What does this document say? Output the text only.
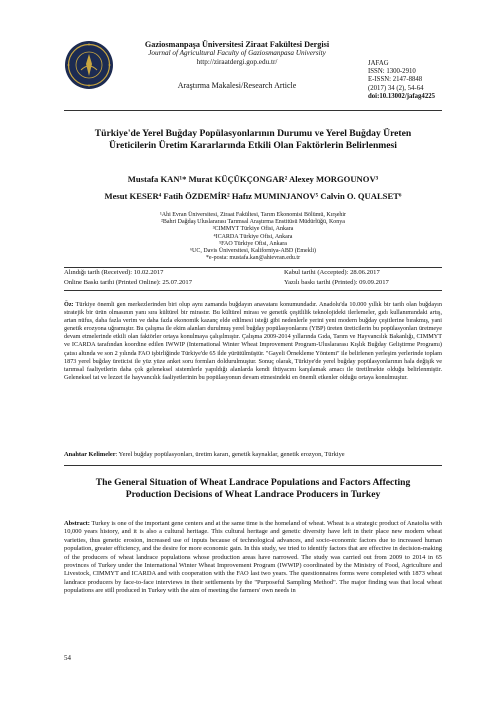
Gaziosmanpaşa Üniversitesi Ziraat Fakültesi Dergisi
Journal of Agricultural Faculty of Gaziosmanpasa University
http://ziraatdergi.gop.edu.tr/
Araştırma Makalesi/Research Article
JAFAG
ISSN: 1300-2910
E-ISSN: 2147-8848
(2017) 34 (2), 54-64
doi:10.13002/jafag4225
Türkiye'de Yerel Buğday Popülasyonlarının Durumu ve Yerel Buğday Üreten
Üreticilerin Üretim Kararlarında Etkili Olan Faktörlerin Belirlenmesi
Mustafa KAN¹* Murat KÜÇÜKÇONGAR² Alexey MORGOUNOV³
Mesut KESER⁴ Fatih ÖZDEMİR² Hafız MUMINJANOV⁵ Calvin O. QUALSET⁶
¹Ahi Evran Üniversitesi, Ziraat Fakültesi, Tarım Ekonomisi Bölümü, Kırşehir
²Bahri Dağdaş Uluslararası Tarımsal Araştırma Enstitüsü Müdürlüğü, Konya
³CIMMYT Türkiye Ofisi, Ankara
⁴ICARDA Türkiye Ofisi, Ankara
⁵FAO Türkiye Ofisi, Ankara
⁶UC, Davis Üniversitesi, Kaliforniya-ABD (Emekli)
*e-posta: mustafa.kan@ahievran.edu.tr
Alındığı tarih (Received): 10.02.2017	Kabul tarihi (Accepted): 28.06.2017
Online Baskı tarihi (Printed Online): 25.07.2017	Yazılı baskı tarihi (Printed): 09.09.2017
Öz: Türkiye önemli gen merkezlerinden biri olup aynı zamanda buğdayın anavatanı konumundadır. Anadolu'da 10.000 yıllık bir tarih olan buğdayın stratejik bir ürün olmasının yanı sıra kültürel bir mirastır. Bu kültürel mirası ve genetik çeşitlilik teknolojideki ilerlemeler, gıdı kullanımındaki artış, artan nüfus, daha fazla verim ve daha fazla ekonomik kazanç elde edilmesi isteği gibi nedenlerle yerini yeni modern buğday çeşitlerine bırakmış, yani genetik erozyona uğramıştır. Bu çalışma ile ekim alanları durulmuş yerel buğday popülasyonlarını (YBP) üreten üreticilerin bu popülasyonları üretmeye devam etmelerinde etkili olan faktörler ortaya konulmaya çalışılmıştır. Çalışma 2009-2014 yıllarında Gıda, Tarım ve Hayvancılık Bakanlığı, CIMMYT ve ICARDA tarafından koordine edilen IWWIP (International Winter Wheat Improvement Program-Uluslararası Kışlık Buğday Geliştirme Programı) çatısı altında ve son 2 yılında FAO işbirliğinde Türkiye'de 65 ilde yürütülmüştür. "Gayeli Örnekleme Yöntemi" ile belirlenen yerleşim yerlerinde toplam 1873 yerel buğday üreticisi ile yüz yüze anket soru formları doldurulmuştur. Sonuç olarak, Türkiye'de yerel buğday popülasyonlarının hala değişik ve tarımsal faaliyetlerin daha çok geleneksel sistemlerle yapıldığı alanlarda kendi ihtiyacını karşılamak amacı ile üretilmekte olduğu belirlenmiştir. Geleneksel tat ve lezzet ile hayvancılık faaliyetlerinin bu popülasyonun devam etmesindeki en önemli etkenler olduğu ortaya konulmuştur.
Anahtar Kelimeler: Yerel buğday popülasyonları, üretim kararı, genetik kaynaklar, genetik erozyon, Türkiye
The General Situation of Wheat Landrace Populations and Factors Affecting
Production Decisions of Wheat Landrace Producers in Turkey
Abstract: Turkey is one of the important gene centers and at the same time is the homeland of wheat. Wheat is a strategic product of Anatolia with 10,000 years history, and it is also a cultural heritage. This cultural heritage and genetic diversity have left in their place new modern wheat varieties, thus genetic erosion, increased use of inputs because of technological advances, and socio-economic factors due to increased human population, greater efficiency, and the desire for more economic gain. In this study, we tried to identify factors that are effective in decision-making of the producers of wheat landrace populations whose production areas have narrowed. The study was carried out from 2009 to 2014 in 65 provinces of Turkey under the International Winter Wheat Improvement Program (IWWIP) coordinated by the Ministry of Food, Agriculture and Livestock, CIMMYT and ICARDA and with cooperation with the FAO last two years. The questionnaires forms were completed with 1873 wheat landrace producers by face-to-face interviews in their settlements by the "Purposeful Sampling Method". The major finding was that local wheat populations are still produced in Turkey with the aim of meeting the farmers' own needs in
54
